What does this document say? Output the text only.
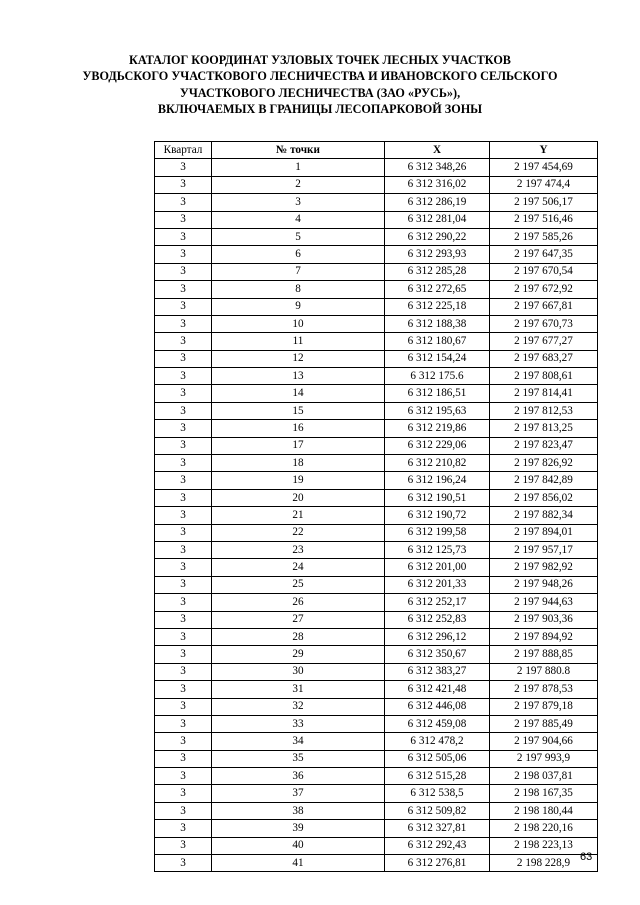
КАТАЛОГ КООРДИНАТ УЗЛОВЫХ ТОЧЕК ЛЕСНЫХ УЧАСТКОВ
УВОДЬСКОГО УЧАСТКОВОГО ЛЕСНИЧЕСТВА И ИВАНОВСКОГО СЕЛЬСКОГО
УЧАСТКОВОГО ЛЕСНИЧЕСТВА (ЗАО «РУСЬ»),
ВКЛЮЧАЕМЫХ В ГРАНИЦЫ ЛЕСОПАРКОВОЙ ЗОНЫ
Квартал	№ точки	X	Y
3	1	6 312 348,26	2 197 454,69
3	2	6 312 316,02	2 197 474,4
3	3	6 312 286,19	2 197 506,17
3	4	6 312 281,04	2 197 516,46
3	5	6 312 290,22	2 197 585,26
3	6	6 312 293,93	2 197 647,35
3	7	6 312 285,28	2 197 670,54
3	8	6 312 272,65	2 197 672,92
3	9	6 312 225,18	2 197 667,81
3	10	6 312 188,38	2 197 670,73
3	11	6 312 180,67	2 197 677,27
3	12	6 312 154,24	2 197 683,27
3	13	6 312 175.6	2 197 808,61
3	14	6 312 186,51	2 197 814,41
3	15	6 312 195,63	2 197 812,53
3	16	6 312 219,86	2 197 813,25
3	17	6 312 229,06	2 197 823,47
3	18	6 312 210,82	2 197 826,92
3	19	6 312 196,24	2 197 842,89
3	20	6 312 190,51	2 197 856,02
3	21	6 312 190,72	2 197 882,34
3	22	6 312 199,58	2 197 894,01
3	23	6 312 125,73	2 197 957,17
3	24	6 312 201,00	2 197 982,92
3	25	6 312 201,33	2 197 948,26
3	26	6 312 252,17	2 197 944,63
3	27	6 312 252,83	2 197 903,36
3	28	6 312 296,12	2 197 894,92
3	29	6 312 350,67	2 197 888,85
3	30	6 312 383,27	2 197 880.8
3	31	6 312 421,48	2 197 878,53
3	32	6 312 446,08	2 197 879,18
3	33	6 312 459,08	2 197 885,49
3	34	6 312 478,2	2 197 904,66
3	35	6 312 505,06	2 197 993,9
3	36	6 312 515,28	2 198 037,81
3	37	6 312 538,5	2 198 167,35
3	38	6 312 509,82	2 198 180,44
3	39	6 312 327,81	2 198 220,16
3	40	6 312 292,43	2 198 223,13
3	41	6 312 276,81	2 198 228,9 63
